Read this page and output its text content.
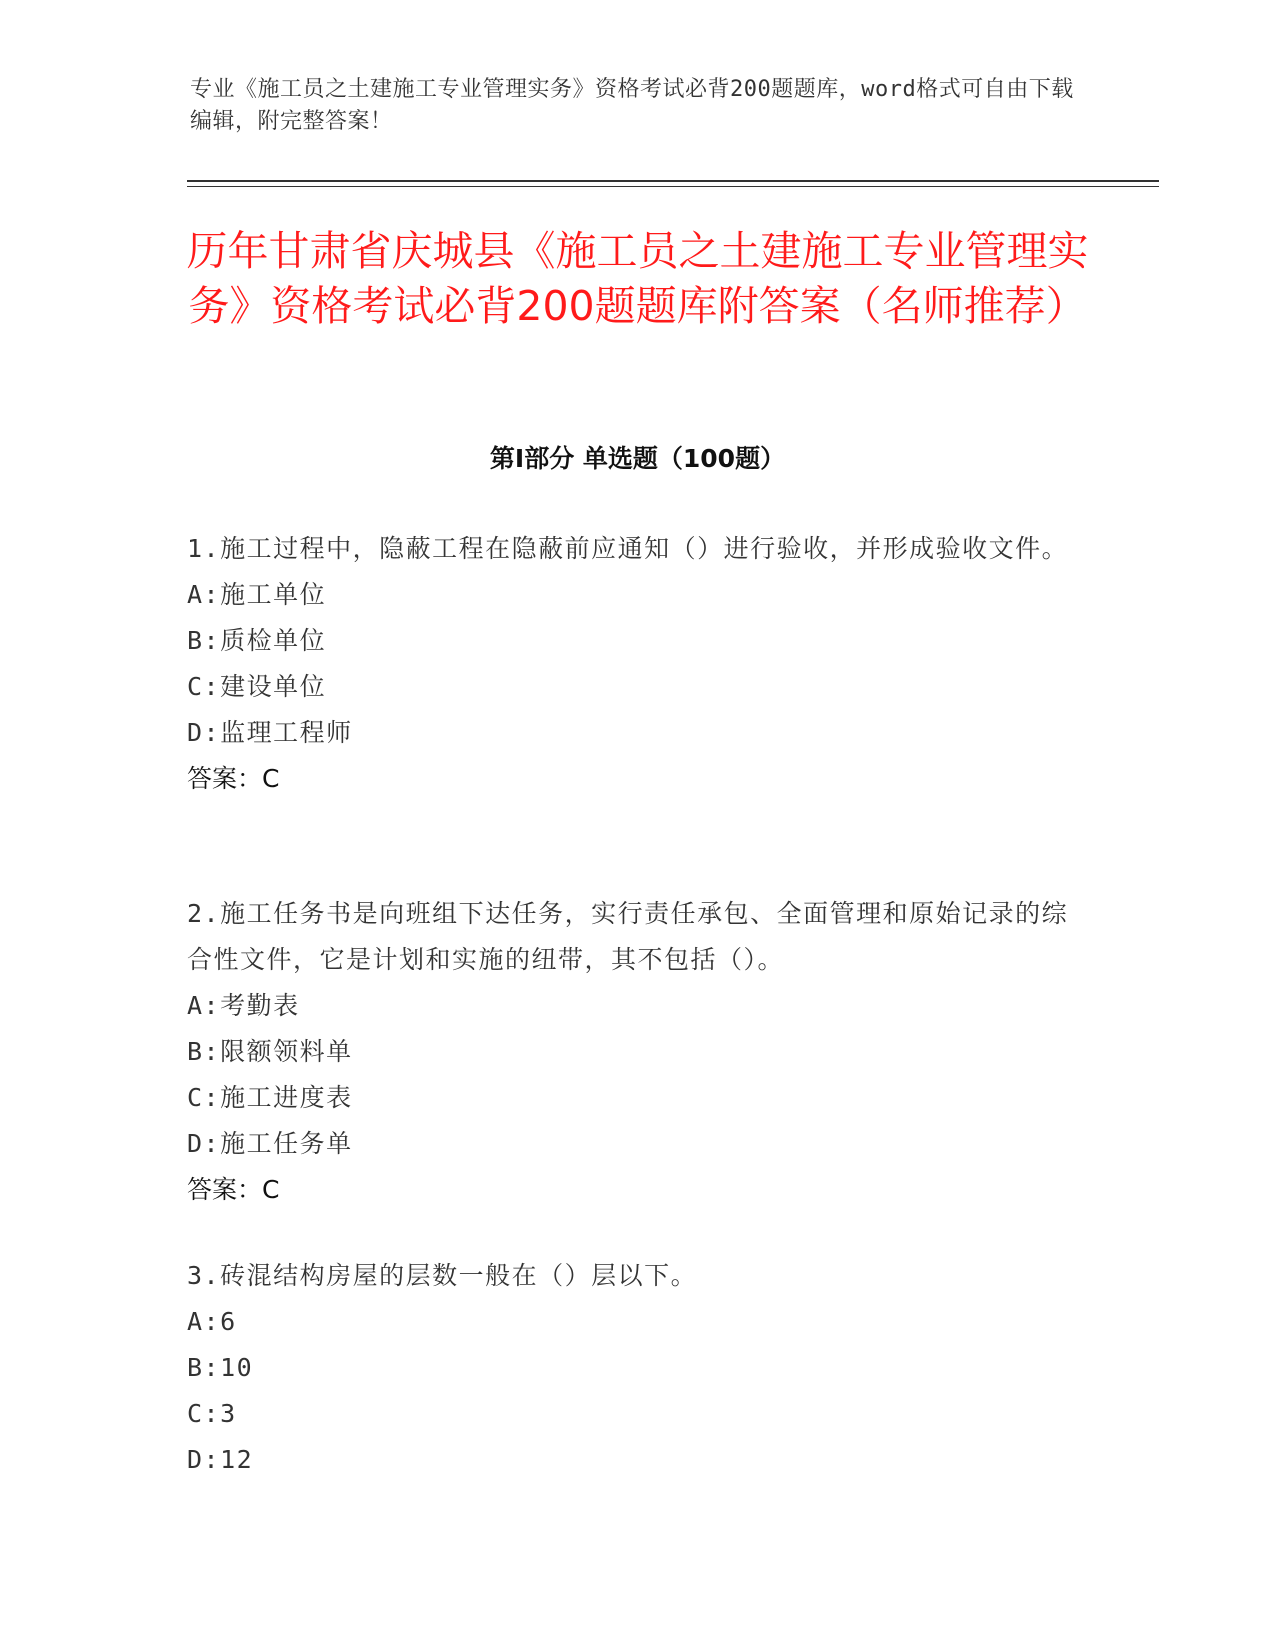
专业《施工员之土建施工专业管理实务》资格考试必背200题题库，word格式可自由下载编辑，附完整答案！
历年甘肃省庆城县《施工员之土建施工专业管理实务》资格考试必背200题题库附答案（名师推荐）
第Ⅰ部分 单选题（100题）
1.施工过程中，隐蔽工程在隐蔽前应通知（）进行验收，并形成验收文件。
A:施工单位
B:质检单位
C:建设单位
D:监理工程师
答案：C
2.施工任务书是向班组下达任务，实行责任承包、全面管理和原始记录的综合性文件，它是计划和实施的纽带，其不包括（）。
A:考勤表
B:限额领料单
C:施工进度表
D:施工任务单
答案：C
3.砖混结构房屋的层数一般在（）层以下。
A:6
B:10
C:3
D:12
